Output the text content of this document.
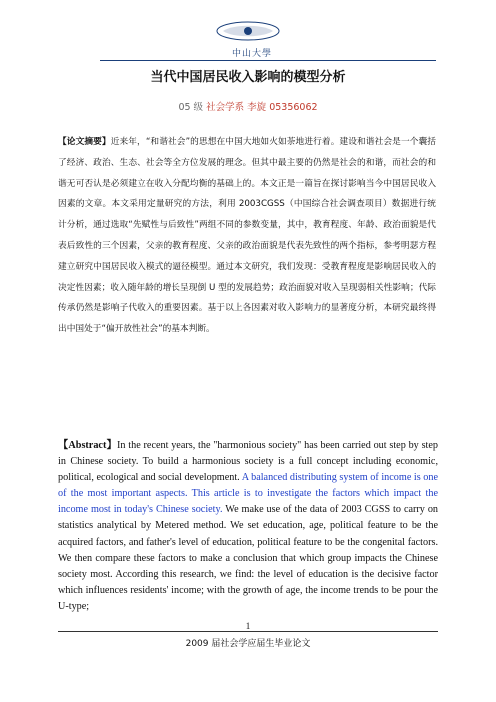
中山大學
当代中国居民收入影响的模型分析
05 级 社会学系 李旋 05356062
【论文摘要】近来年，“和谐社会”的思想在中国大地如火如荼地进行着。建设和谐社会是一个囊括了经济、政治、生态、社会等全方位发展的理念。但其中最主要的仍然是社会的和谐，而社会的和谐无可否认是必须建立在收入分配均衡的基础上的。本文正是一篇旨在探讨影响当今中国居民收入因素的文章。本文采用定量研究的方法，利用 2003CGSS（中国综合社会调查项目）数据进行统计分析，通过选取“先赋性与后致性”两组不同的参数变量，其中，教育程度、年龄、政治面貌是代表后致性的三个因素，父亲的教育程度、父亲的政治面貌是代表先致性的两个指标，参考明瑟方程建立研究中国居民收入模式的逼径模型。通过本文研究，我们发现：受教育程度是影响居民收入的决定性因素；收入随年龄的增长呈现倒 U 型的发展趋势；政治面貌对收入呈现弱相关性影响；代际传承仍然是影响子代收入的重要因素。基于以上各因素对收入影响力的显著度分析，本研究最终得出中国处于“偏开放性社会”的基本判断。
【Abstract】In the recent years, the "harmonious society" has been carried out step by step in Chinese society. To build a harmonious society is a full concept including economic, political, ecological and social development. A balanced distributing system of income is one of the most important aspects. This article is to investigate the factors which impact the income most in today's Chinese society. We make use of the data of 2003 CGSS to carry on statistics analytical by Metered method. We set education, age, political feature to be the acquired factors, and father's level of education, political feature to be the congenital factors. We then compare these factors to make a conclusion that which group impacts the Chinese society most. According this research, we find: the level of education is the decisive factor which influences residents' income; with the growth of age, the income trends to be pour the U-type;
1
2009 届社会学应届生毕业论文
